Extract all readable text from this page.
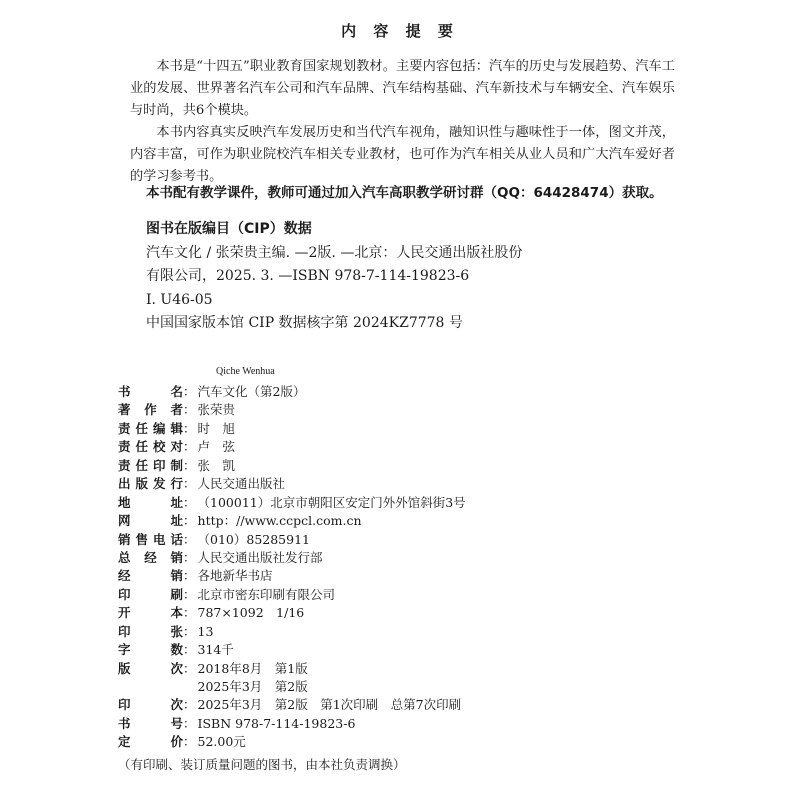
内 容 提 要

本书是“十四五”职业教育国家规划教材。主要内容包括：汽车的历史与发展趋势、汽车工业的发展、世界著名汽车公司和汽车品牌、汽车结构基础、汽车新技术与车辆安全、汽车娱乐与时尚，共6个模块。

本书内容真实反映汽车发展历史和当代汽车视角，融知识性与趣味性于一体，图文并茂，内容丰富，可作为职业院校汽车相关专业教材，也可作为汽车相关从业人员和广大汽车爱好者的学习参考书。

本书配有教学课件，教师可通过加入汽车高职教学研讨群（QQ：64428474）获取。
图书在版编目（CIP）数据
汽车文化 / 张荣贵主编. —2版. —北京：人民交通出版社股份有限公司，2025. 3. —ISBN 978-7-114-19823-6
Ⅰ. U46-05
中国国家版本馆 CIP 数据核字第 2024KZ7778 号
Qiche Wenhua
书名 ： 汽车文化（第2版）
著作者 ： 张荣贵
责任编辑 ： 时　旭
责任校对 ： 卢　弦
责任印制 ： 张　凯
出版发行 ： 人民交通出版社
地址 ： （100011）北京市朝阳区安定门外外馆斜街3号
网址 ： http：//www.ccpcl.com.cn
销售电话 ： （010）85285911
总经销 ： 人民交通出版社发行部
经销 ： 各地新华书店
印刷 ： 北京市密东印刷有限公司
开本 ： 787×1092　1/16
印张 ： 13
字数 ： 314千
版次 ： 2018年8月　第1版

2025年3月　第2版
印次 ： 2025年3月　第2版　第1次印刷　总第7次印刷
书号 ： ISBN 978-7-114-19823-6
定价 ： 52.00元
（有印刷、装订质量问题的图书，由本社负责调换）
